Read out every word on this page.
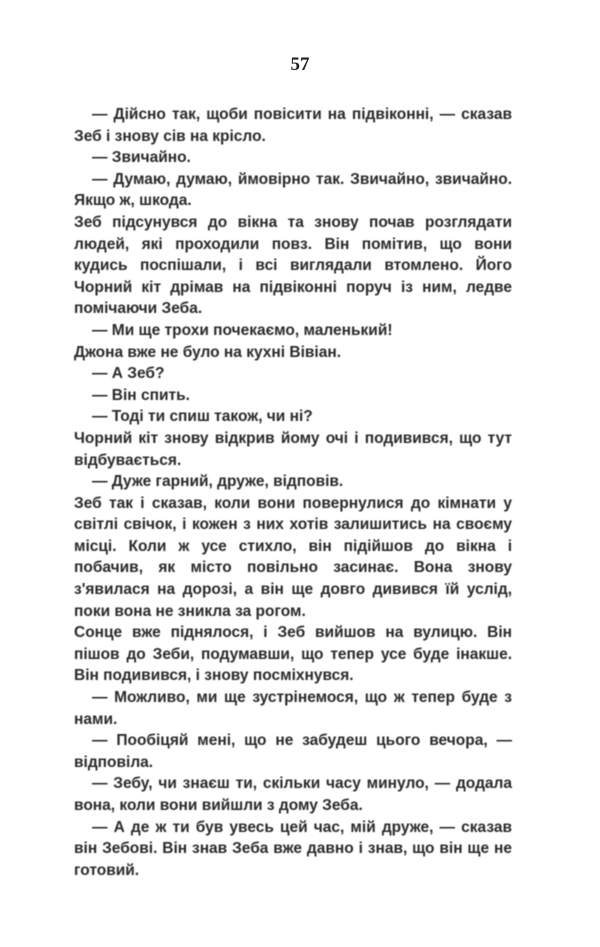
57

— Дійсно так, щоби повісити на підвіконні, — сказав Зеб і знову сів на крісло.

— Звичайно.

— Думаю, думаю, ймовірно так. Звичайно, звичайно. Якщо ж, шкода.

Зеб підсунувся до вікна та знову почав розглядати людей, які проходили повз. Він помітив, що вони кудись поспішали, і всі виглядали втомлено. Його Чорний кіт дрімав на підвіконні поруч із ним, ледве помічаючи Зеба.

— Ми ще трохи почекаємо, маленький!

Джона вже не було на кухні Вівіан.

— А Зеб?

— Він спить.

— Тоді ти спиш також, чи ні?

Чорний кіт знову відкрив йому очі і подивився, що тут відбувається.

— Дуже гарний, друже, відповів.

Зеб так і сказав, коли вони повернулися до кімнати у світлі свічок, і кожен з них хотів залишитись на своєму місці. Коли ж усе стихло, він підійшов до вікна і побачив, як місто повільно засинає. Вона знову з'явилася на дорозі, а він ще довго дивився їй услід, поки вона не зникла за рогом.

Сонце вже піднялося, і Зеб вийшов на вулицю. Він пішов до Зеби, подумавши, що тепер усе буде інакше. Він подивився, і знову посміхнувся.

— Можливо, ми ще зустрінемося, що ж тепер буде з нами.

— Пообіцяй мені, що не забудеш цього вечора, — відповіла.

— Зебу, чи знаєш ти, скільки часу минуло, — додала вона, коли вони вийшли з дому Зеба.

— А де ж ти був увесь цей час, мій друже, — сказав він Зебові. Він знав Зеба вже давно і знав, що він ще не готовий.
